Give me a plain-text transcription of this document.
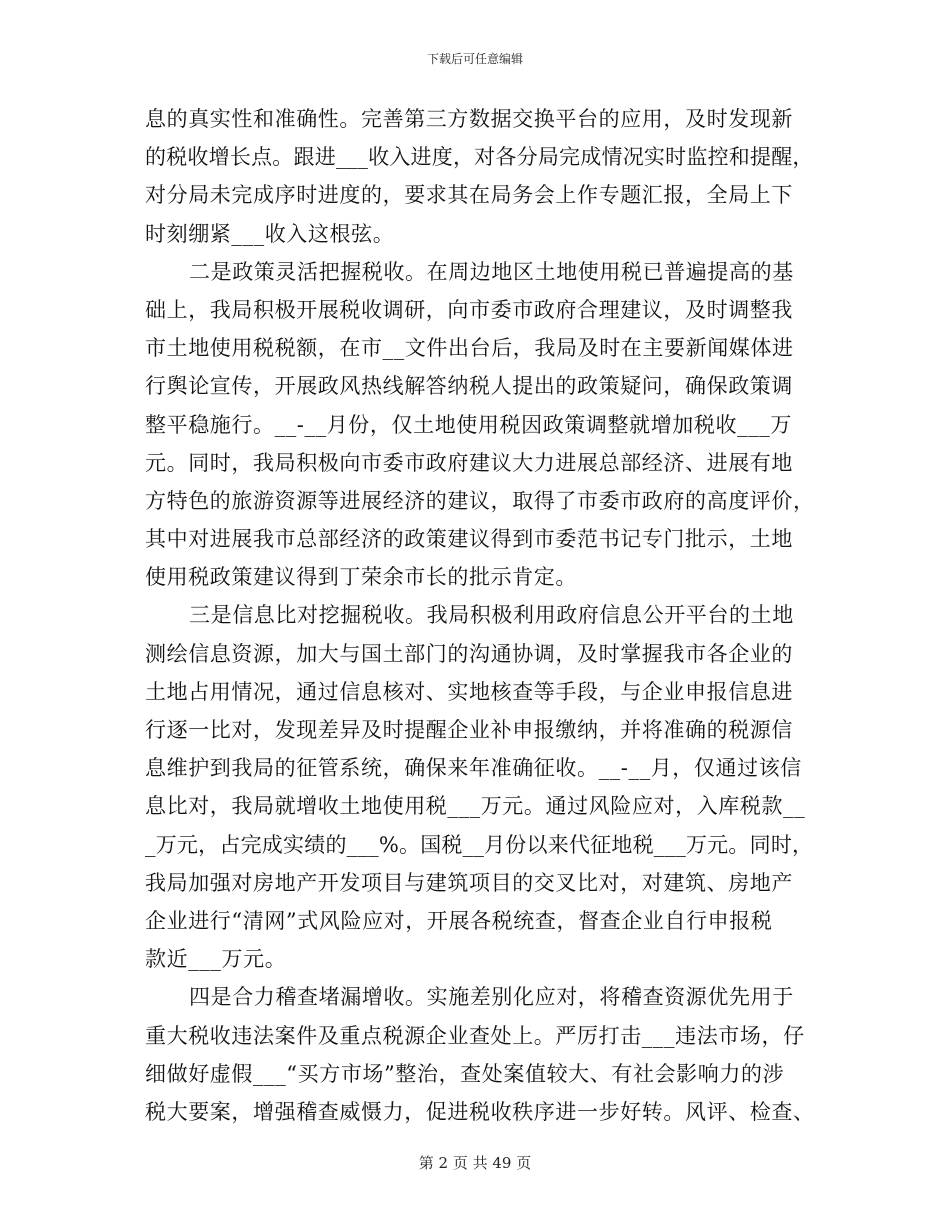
下载后可任意编辑
息的真实性和准确性。完善第三方数据交换平台的应用，及时发现新
的税收增长点。跟进___收入进度，对各分局完成情况实时监控和提醒，
对分局未完成序时进度的，要求其在局务会上作专题汇报，全局上下
时刻绷紧___收入这根弦。
二是政策灵活把握税收。在周边地区土地使用税已普遍提高的基
础上，我局积极开展税收调研，向市委市政府合理建议，及时调整我
市土地使用税税额，在市__文件出台后，我局及时在主要新闻媒体进
行舆论宣传，开展政风热线解答纳税人提出的政策疑问，确保政策调
整平稳施行。__-__月份，仅土地使用税因政策调整就增加税收___万
元。同时，我局积极向市委市政府建议大力进展总部经济、进展有地
方特色的旅游资源等进展经济的建议，取得了市委市政府的高度评价，
其中对进展我市总部经济的政策建议得到市委范书记专门批示，土地
使用税政策建议得到丁荣余市长的批示肯定。
三是信息比对挖掘税收。我局积极利用政府信息公开平台的土地
测绘信息资源，加大与国土部门的沟通协调，及时掌握我市各企业的
土地占用情况，通过信息核对、实地核查等手段，与企业申报信息进
行逐一比对，发现差异及时提醒企业补申报缴纳，并将准确的税源信
息维护到我局的征管系统，确保来年准确征收。__-__月，仅通过该信
息比对，我局就增收土地使用税___万元。通过风险应对，入库税款__
_万元，占完成实绩的___%。国税__月份以来代征地税___万元。同时，
我局加强对房地产开发项目与建筑项目的交叉比对，对建筑、房地产
企业进行“清网”式风险应对，开展各税统查，督查企业自行申报税
款近___万元。
四是合力稽查堵漏增收。实施差别化应对，将稽查资源优先用于
重大税收违法案件及重点税源企业查处上。严厉打击___违法市场，仔
细做好虚假___“买方市场”整治，查处案值较大、有社会影响力的涉
税大要案，增强稽查威慑力，促进税收秩序进一步好转。风评、检查、
第 2 页 共 49 页
